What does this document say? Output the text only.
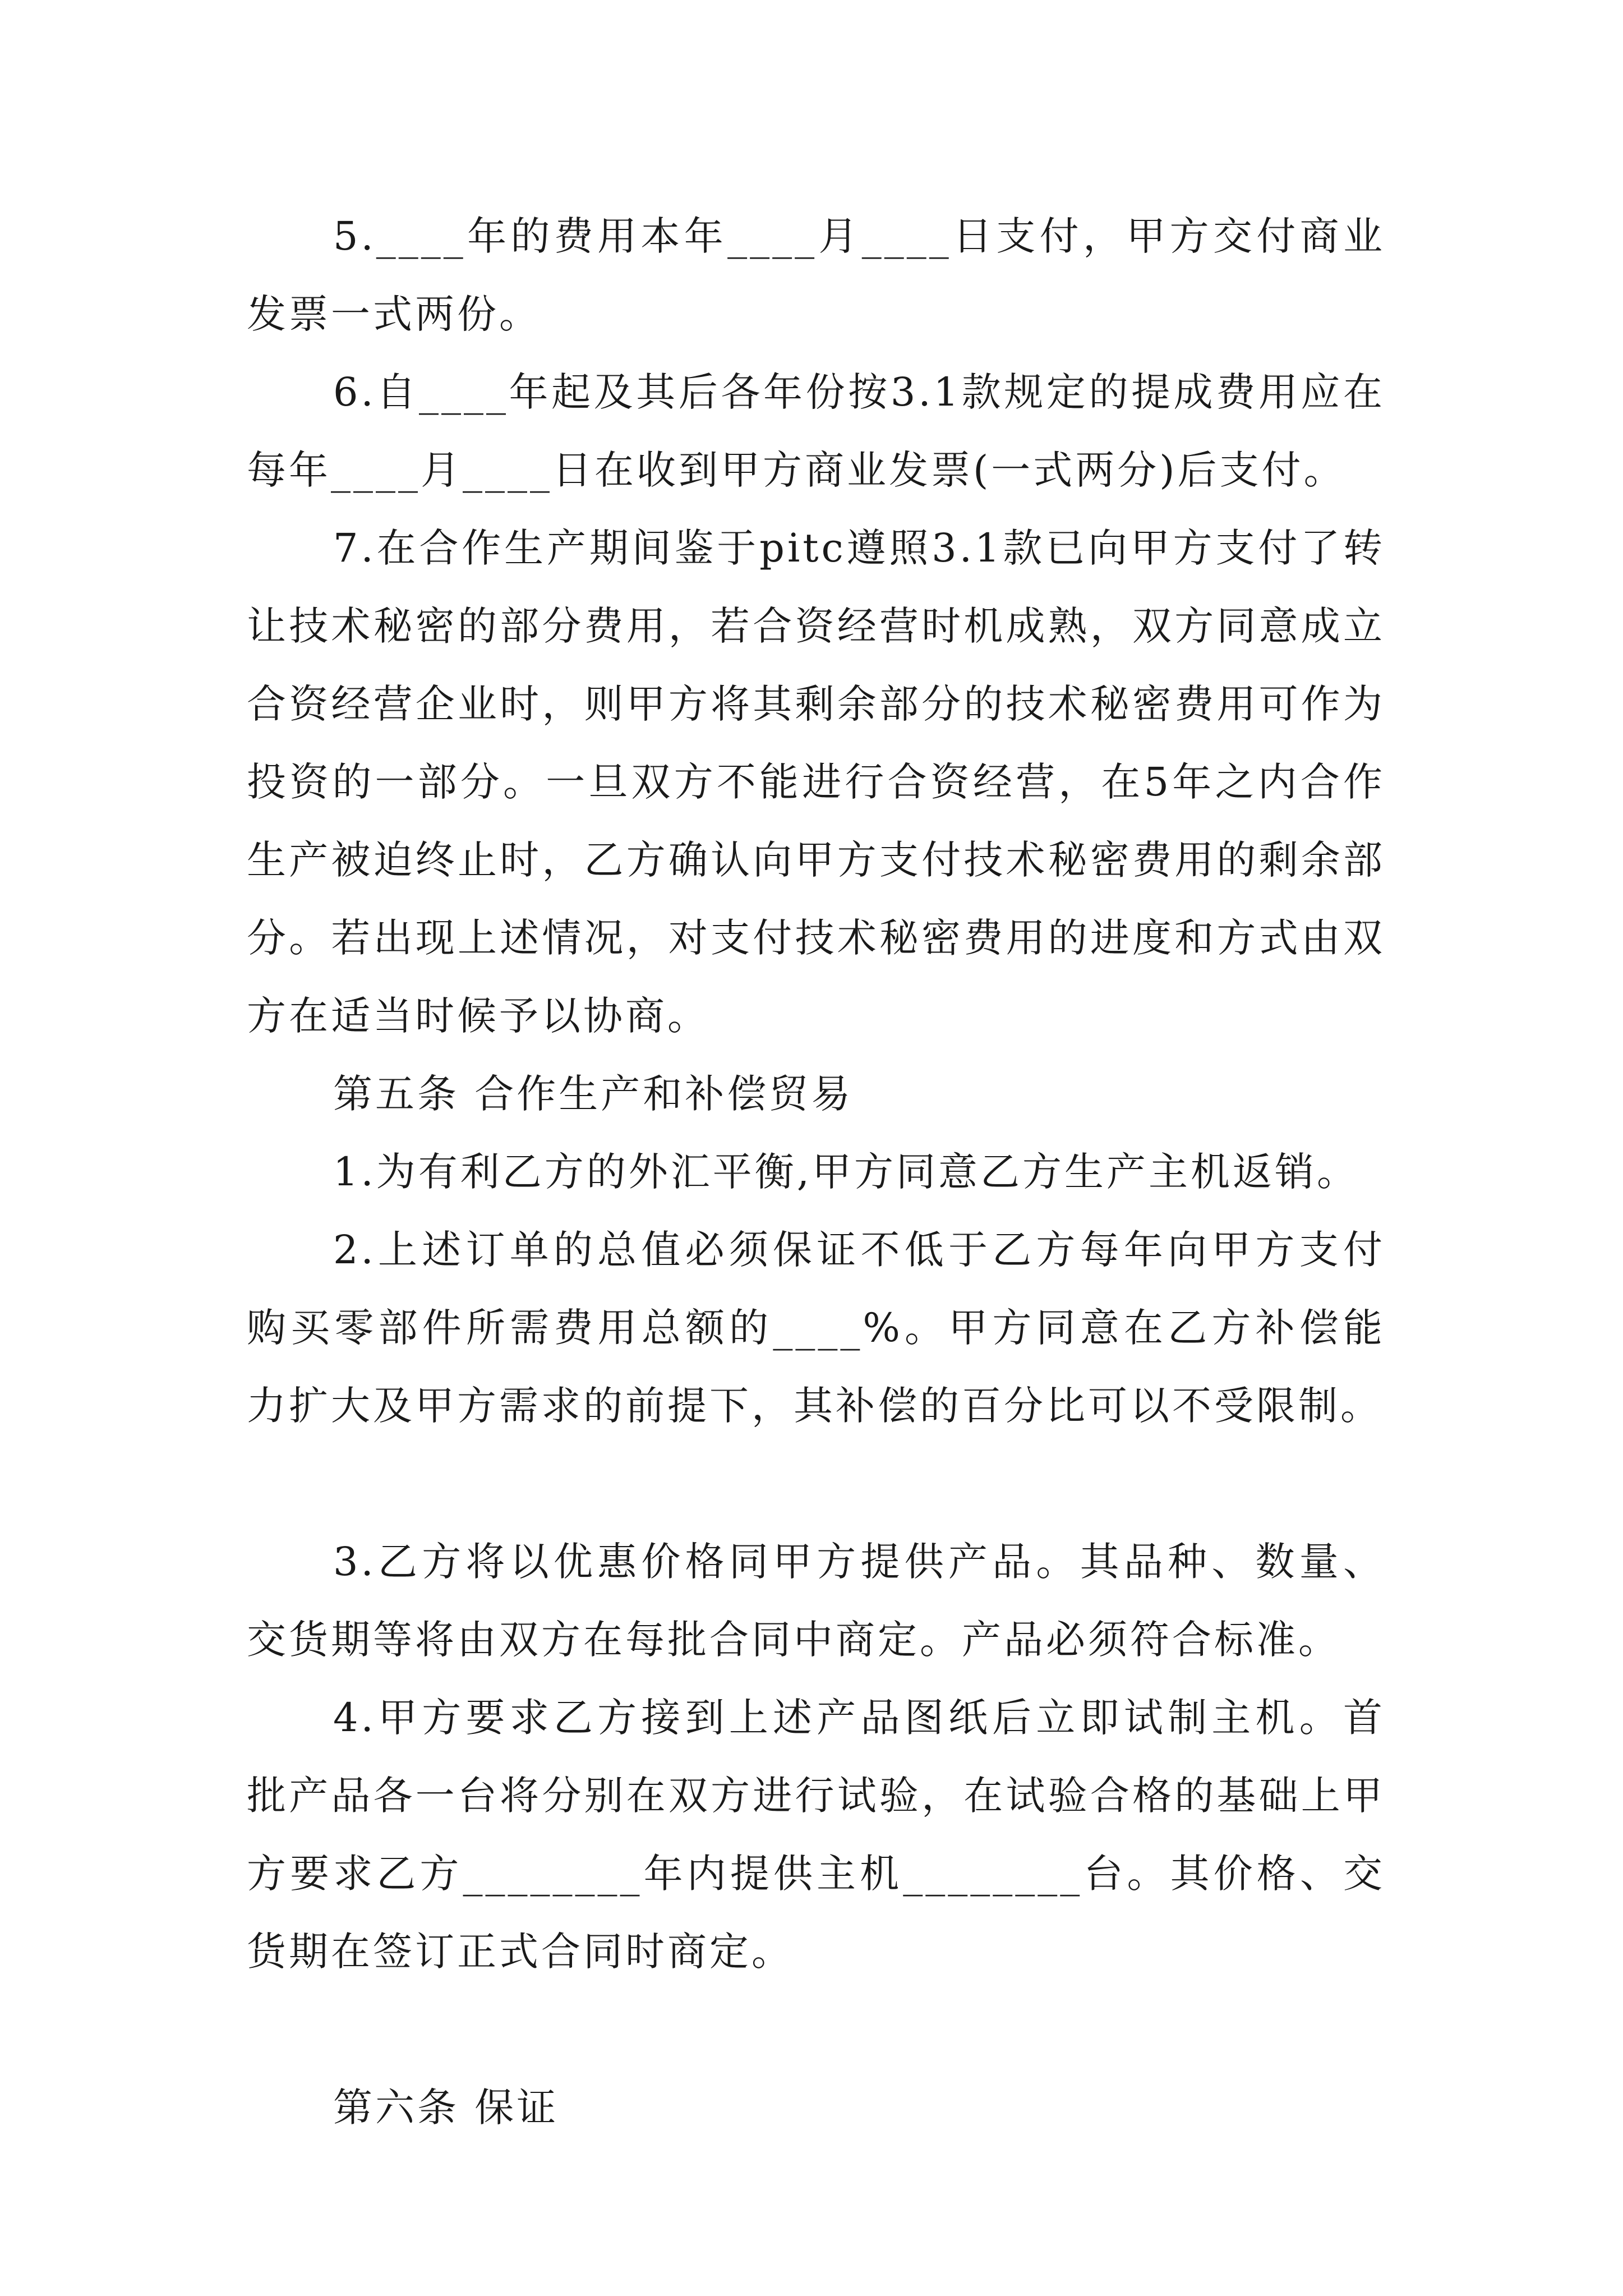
5.____年的费用本年____月____日支付，甲方交付商业发票一式两份。

6.自____年起及其后各年份按3.1款规定的提成费用应在每年____月____日在收到甲方商业发票(一式两分)后支付。

7.在合作生产期间鉴于pitc遵照3.1款已向甲方支付了转让技术秘密的部分费用，若合资经营时机成熟，双方同意成立合资经营企业时，则甲方将其剩余部分的技术秘密费用可作为投资的一部分。一旦双方不能进行合资经营，在5年之内合作生产被迫终止时，乙方确认向甲方支付技术秘密费用的剩余部分。若出现上述情况，对支付技术秘密费用的进度和方式由双方在适当时候予以协商。

第五条 合作生产和补偿贸易

1.为有利乙方的外汇平衡,甲方同意乙方生产主机返销。

2.上述订单的总值必须保证不低于乙方每年向甲方支付购买零部件所需费用总额的____%。甲方同意在乙方补偿能力扩大及甲方需求的前提下，其补偿的百分比可以不受限制。

3.乙方将以优惠价格同甲方提供产品。其品种、数量、交货期等将由双方在每批合同中商定。产品必须符合标准。

4.甲方要求乙方接到上述产品图纸后立即试制主机。首批产品各一台将分别在双方进行试验，在试验合格的基础上甲方要求乙方________年内提供主机________台。其价格、交货期在签订正式合同时商定。

第六条 保证
